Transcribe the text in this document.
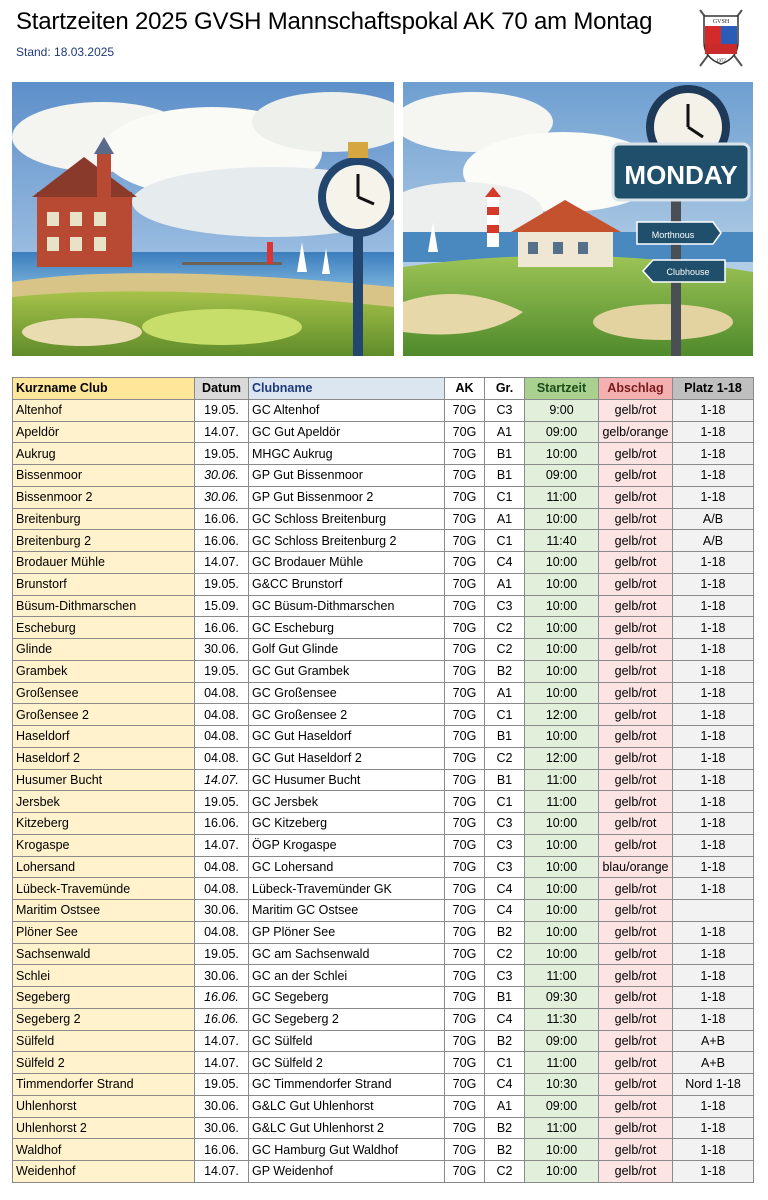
Startzeiten 2025 GVSH Mannschaftspokal AK 70 am Montag
Stand: 18.03.2025
GVSH
1972
MONDAY
Morthnous
Clubhouse
Kurzname Club	Datum	Clubname	AK	Gr.	Startzeit	Abschlag	Platz 1-18
Altenhof	19.05.	GC Altenhof	70G	C3	9:00	gelb/rot	1-18
Apeldör	14.07.	GC Gut Apeldör	70G	A1	09:00	gelb/orange	1-18
Aukrug	19.05.	MHGC Aukrug	70G	B1	10:00	gelb/rot	1-18
Bissenmoor	30.06.	GP Gut Bissenmoor	70G	B1	09:00	gelb/rot	1-18
Bissenmoor 2	30.06.	GP Gut Bissenmoor 2	70G	C1	11:00	gelb/rot	1-18
Breitenburg	16.06.	GC Schloss Breitenburg	70G	A1	10:00	gelb/rot	A/B
Breitenburg 2	16.06.	GC Schloss Breitenburg 2	70G	C1	11:40	gelb/rot	A/B
Brodauer Mühle	14.07.	GC Brodauer Mühle	70G	C4	10:00	gelb/rot	1-18
Brunstorf	19.05.	G&CC Brunstorf	70G	A1	10:00	gelb/rot	1-18
Büsum-Dithmarschen	15.09.	GC Büsum-Dithmarschen	70G	C3	10:00	gelb/rot	1-18
Escheburg	16.06.	GC Escheburg	70G	C2	10:00	gelb/rot	1-18
Glinde	30.06.	Golf Gut Glinde	70G	C2	10:00	gelb/rot	1-18
Grambek	19.05.	GC Gut Grambek	70G	B2	10:00	gelb/rot	1-18
Großensee	04.08.	GC Großensee	70G	A1	10:00	gelb/rot	1-18
Großensee 2	04.08.	GC Großensee 2	70G	C1	12:00	gelb/rot	1-18
Haseldorf	04.08.	GC Gut Haseldorf	70G	B1	10:00	gelb/rot	1-18
Haseldorf 2	04.08.	GC Gut Haseldorf 2	70G	C2	12:00	gelb/rot	1-18
Husumer Bucht	14.07.	GC Husumer Bucht	70G	B1	11:00	gelb/rot	1-18
Jersbek	19.05.	GC Jersbek	70G	C1	11:00	gelb/rot	1-18
Kitzeberg	16.06.	GC Kitzeberg	70G	C3	10:00	gelb/rot	1-18
Krogaspe	14.07.	ÖGP Krogaspe	70G	C3	10:00	gelb/rot	1-18
Lohersand	04.08.	GC Lohersand	70G	C3	10:00	blau/orange	1-18
Lübeck-Travemünde	04.08.	Lübeck-Travemünder GK	70G	C4	10:00	gelb/rot	1-18
Maritim Ostsee	30.06.	Maritim GC Ostsee	70G	C4	10:00	gelb/rot	
Plöner See	04.08.	GP Plöner See	70G	B2	10:00	gelb/rot	1-18
Sachsenwald	19.05.	GC am Sachsenwald	70G	C2	10:00	gelb/rot	1-18
Schlei	30.06.	GC an der Schlei	70G	C3	11:00	gelb/rot	1-18
Segeberg	16.06.	GC Segeberg	70G	B1	09:30	gelb/rot	1-18
Segeberg 2	16.06.	GC Segeberg 2	70G	C4	11:30	gelb/rot	1-18
Sülfeld	14.07.	GC Sülfeld	70G	B2	09:00	gelb/rot	A+B
Sülfeld 2	14.07.	GC Sülfeld 2	70G	C1	11:00	gelb/rot	A+B
Timmendorfer Strand	19.05.	GC Timmendorfer Strand	70G	C4	10:30	gelb/rot	Nord 1-18
Uhlenhorst	30.06.	G&LC Gut Uhlenhorst	70G	A1	09:00	gelb/rot	1-18
Uhlenhorst 2	30.06.	G&LC Gut Uhlenhorst 2	70G	B2	11:00	gelb/rot	1-18
Waldhof	16.06.	GC Hamburg Gut Waldhof	70G	B2	10:00	gelb/rot	1-18
Weidenhof	14.07.	GP Weidenhof	70G	C2	10:00	gelb/rot	1-18
